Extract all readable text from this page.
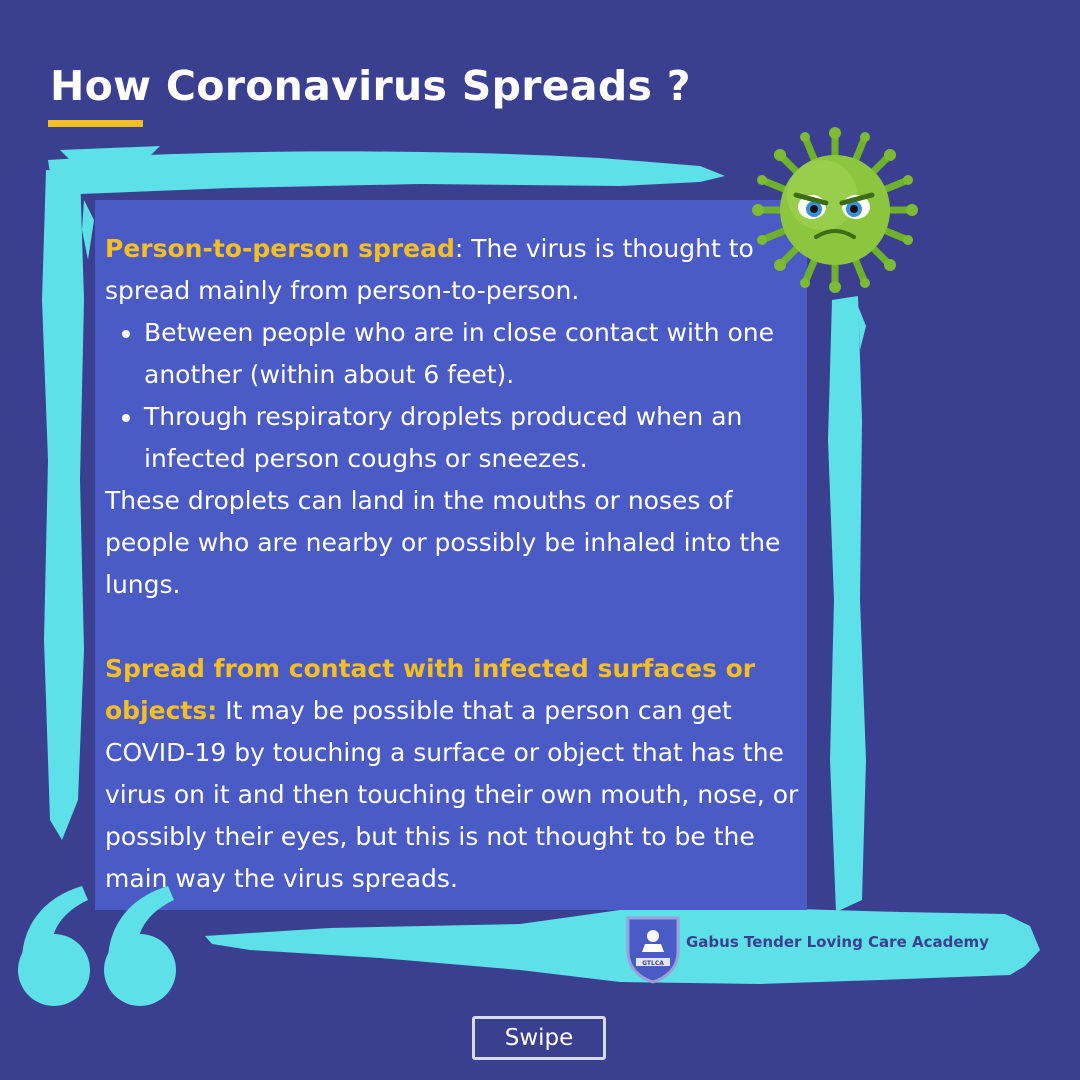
How Coronavirus Spreads ?

Person-to-person spread: The virus is thought to spread mainly from person-to-person.

• Between people who are in close contact with one another (within about 6 feet).
• Through respiratory droplets produced when an infected person coughs or sneezes.

These droplets can land in the mouths or noses of people who are nearby or possibly be inhaled into the lungs.

Spread from contact with infected surfaces or objects: It may be possible that a person can get COVID-19 by touching a surface or object that has the virus on it and then touching their own mouth, nose, or possibly their eyes, but this is not thought to be the main way the virus spreads.

GTLCA
Gabus Tender Loving Care Academy
Swipe
